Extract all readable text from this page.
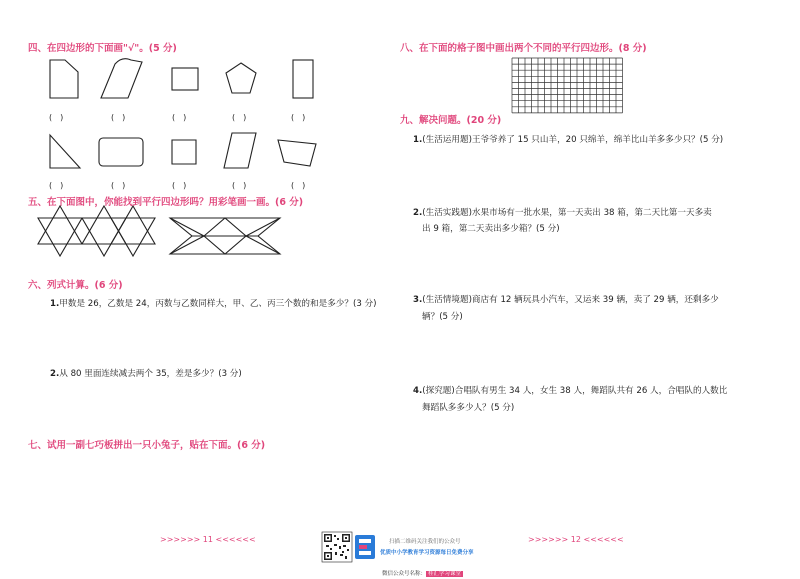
四、在四边形的下面画"√"。(5 分)
(　)	(　)	(　)	(　)	(　)
(　)	(　)	(　)	(　)	(　)
五、在下面图中，你能找到平行四边形吗？用彩笔画一画。(6 分)
六、列式计算。(6 分)
1.甲数是 26，乙数是 24，丙数与乙数同样大，甲、乙、丙三个数的和是多少？(3 分)
2.从 80 里面连续减去两个 35，差是多少？(3 分)
七、试用一副七巧板拼出一只小兔子，贴在下面。(6 分)
八、在下面的格子图中画出两个不同的平行四边形。(8 分)
九、解决问题。(20 分)
1.(生活运用题)王爷爷养了 15 只山羊，20 只绵羊，绵羊比山羊多多少只？(5 分)
2.(生活实践题)水果市场有一批水果，第一天卖出 38 箱，第二天比第一天多卖
出 9 箱，第二天卖出多少箱？(5 分)
3.(生活情境题)商店有 12 辆玩具小汽车，又运来 39 辆，卖了 29 辆，还剩多少
辆？(5 分)
4.(探究题)合唱队有男生 34 人，女生 38 人，舞蹈队共有 26 人，合唱队的人数比
舞蹈队多多少人？(5 分)
>>>>>> 11 <<<<<<	>>>>>> 12 <<<<<<
扫描二维码关注我们的公众号
优质中小学教育学习资源每日免费分享
微信公众号名称： 桂汇学习课堂
